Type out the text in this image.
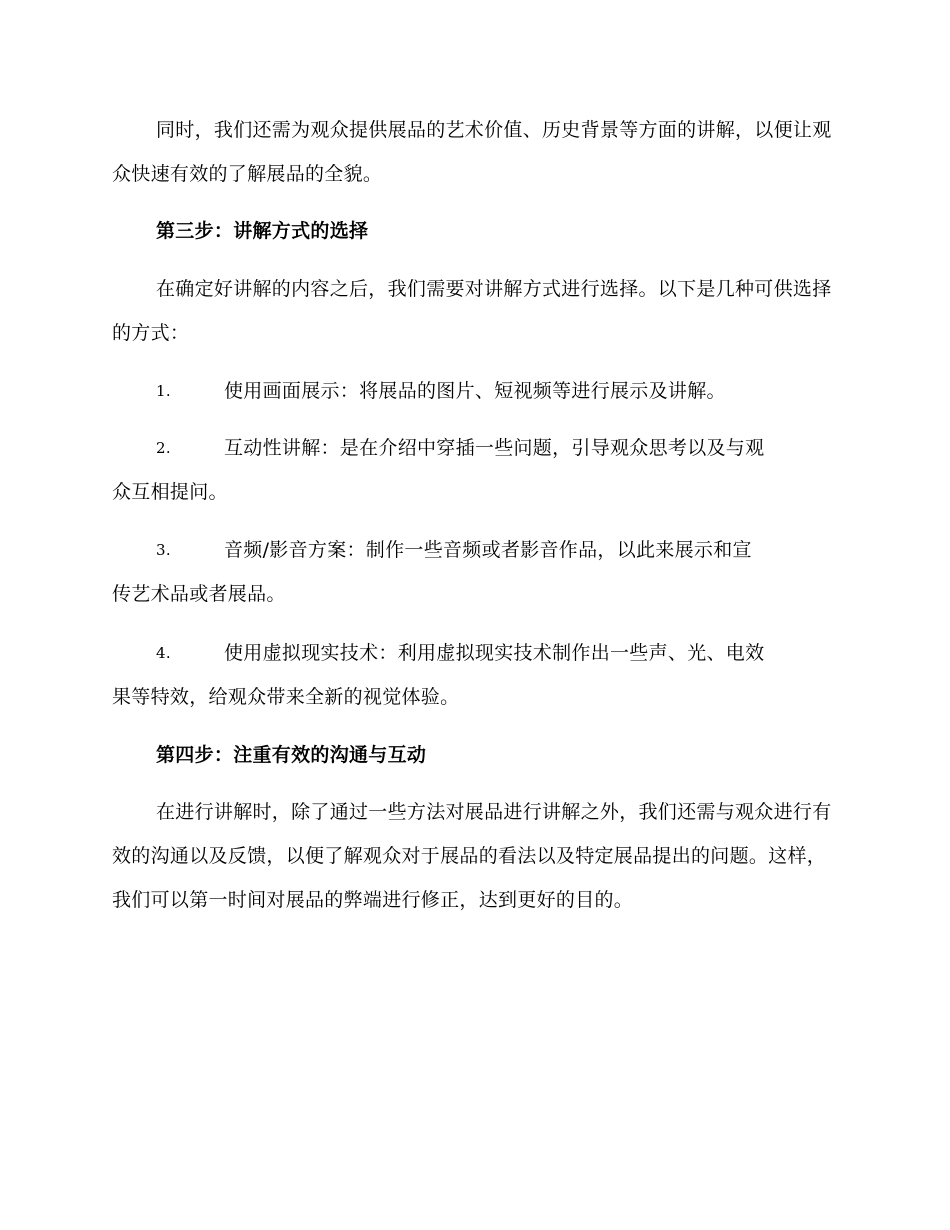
同时，我们还需为观众提供展品的艺术价值、历史背景等方面的讲解，以便让观众快速有效的了解展品的全貌。
第三步：讲解方式的选择
在确定好讲解的内容之后，我们需要对讲解方式进行选择。以下是几种可供选择的方式：
1.	使用画面展示：将展品的图片、短视频等进行展示及讲解。
2.	互动性讲解：是在介绍中穿插一些问题，引导观众思考以及与观
众互相提问。
3.	音频/影音方案：制作一些音频或者影音作品，以此来展示和宣
传艺术品或者展品。
4.	使用虚拟现实技术：利用虚拟现实技术制作出一些声、光、电效
果等特效，给观众带来全新的视觉体验。
第四步：注重有效的沟通与互动
在进行讲解时，除了通过一些方法对展品进行讲解之外，我们还需与观众进行有效的沟通以及反馈，以便了解观众对于展品的看法以及特定展品提出的问题。这样，我们可以第一时间对展品的弊端进行修正，达到更好的目的。
